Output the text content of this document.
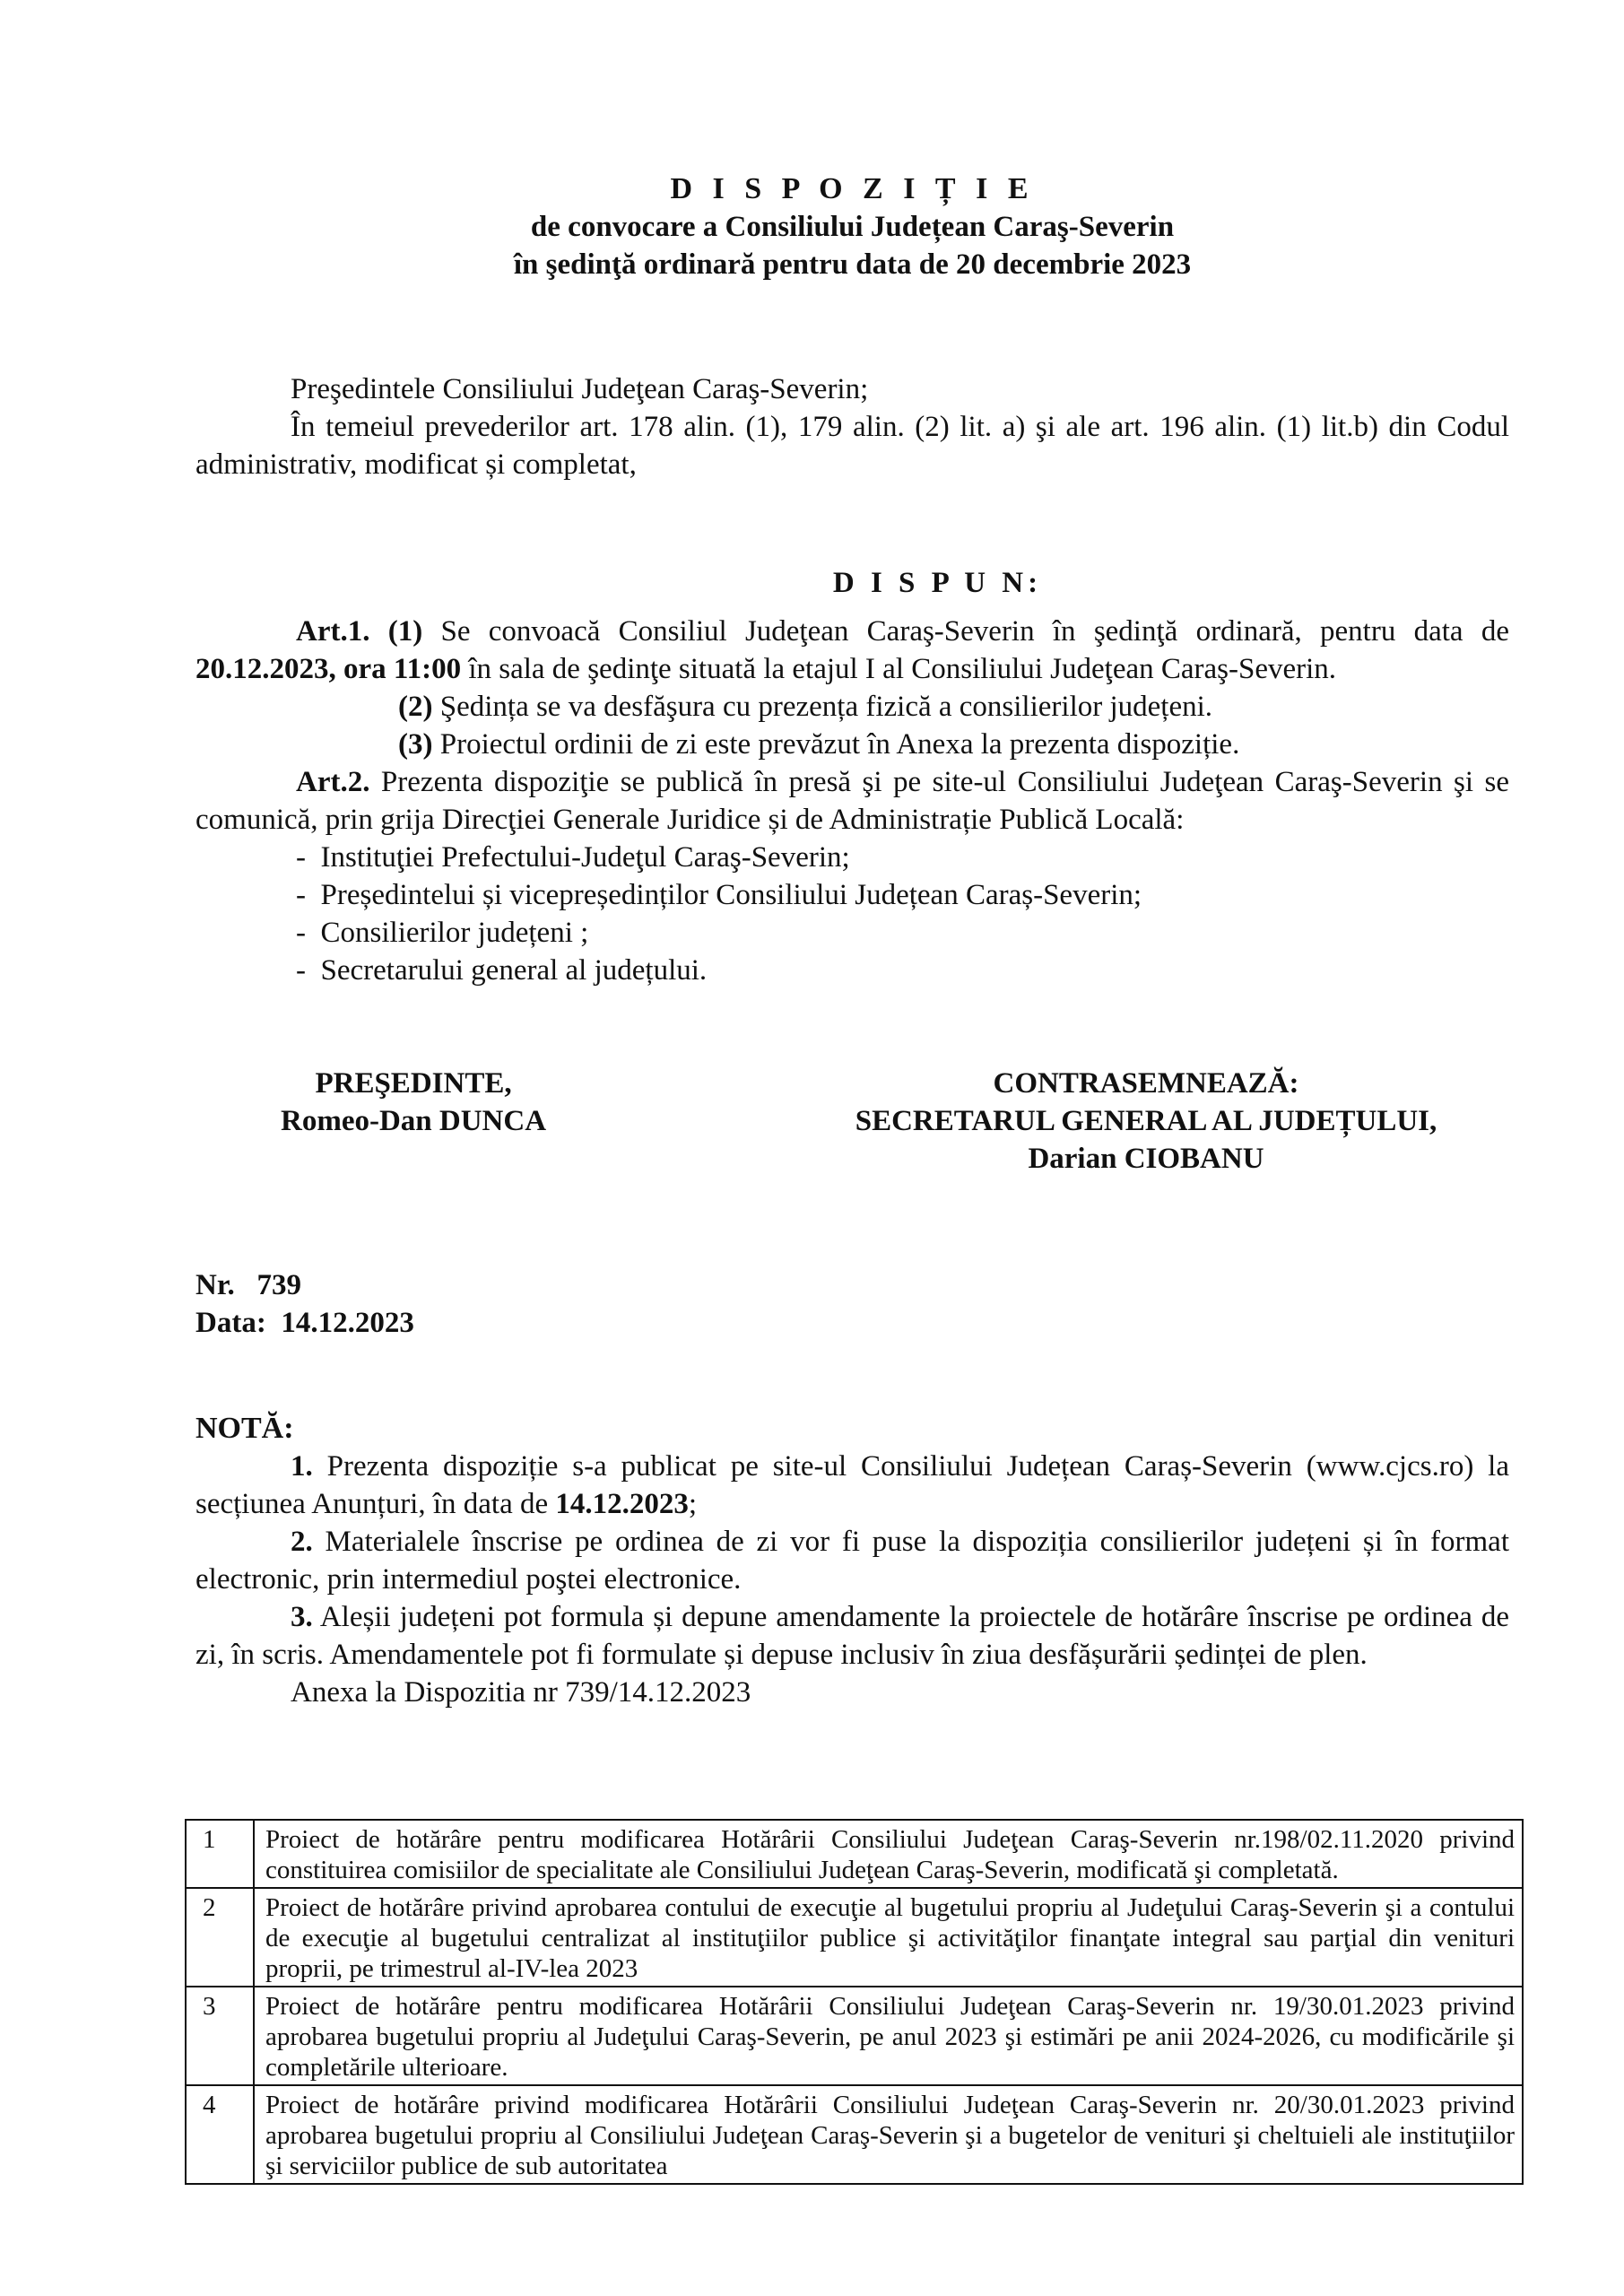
D I S P O Z I Ț I E
de convocare a Consiliului Județean Caraş-Severin
în şedinţă ordinară pentru data de 20 decembrie 2023

Preşedintele Consiliului Judeţean Caraş-Severin;

În temeiul prevederilor art. 178 alin. (1), 179 alin. (2) lit. a) şi ale art. 196 alin. (1) lit.b) din Codul administrativ, modificat și completat,

D I S P U N:

Art.1. (1) Se convoacă Consiliul Judeţean Caraş-Severin în şedinţă ordinară, pentru data de 20.12.2023, ora 11:00 în sala de şedinţe situată la etajul I al Consiliului Judeţean Caraş-Severin.

(2) Şedința se va desfăşura cu prezența fizică a consilierilor județeni.

(3) Proiectul ordinii de zi este prevăzut în Anexa la prezenta dispoziție.

Art.2. Prezenta dispoziţie se publică în presă şi pe site-ul Consiliului Judeţean Caraş-Severin şi se comunică, prin grija Direcţiei Generale Juridice și de Administrație Publică Locală:

- Instituţiei Prefectului-Judeţul Caraş-Severin;
- Președintelui și vicepreședinților Consiliului Județean Caraș-Severin;
- Consilierilor județeni ;
- Secretarului general al județului.
PREŞEDINTE,
Romeo-Dan DUNCA
CONTRASEMNEAZĂ:
SECRETARUL GENERAL AL JUDEȚULUI,
Darian CIOBANU
Nr. 739
Data: 14.12.2023
NOTĂ:

1. Prezenta dispoziție s-a publicat pe site-ul Consiliului Județean Caraș-Severin (www.cjcs.ro) la secțiunea Anunțuri, în data de 14.12.2023;

2. Materialele înscrise pe ordinea de zi vor fi puse la dispoziția consilierilor județeni și în format electronic, prin intermediul poştei electronice.

3. Aleșii județeni pot formula și depune amendamente la proiectele de hotărâre înscrise pe ordinea de zi, în scris. Amendamentele pot fi formulate și depuse inclusiv în ziua desfășurării ședinței de plen.

Anexa la Dispozitia nr 739/14.12.2023

1	Proiect de hotărâre pentru modificarea Hotărârii Consiliului Judeţean Caraş-Severin nr.198/02.11.2020 privind constituirea comisiilor de specialitate ale Consiliului Judeţean Caraş-Severin, modificată şi completată.
2	Proiect de hotărâre privind aprobarea contului de execuţie al bugetului propriu al Judeţului Caraş-Severin şi a contului de execuţie al bugetului centralizat al instituţiilor publice şi activităţilor finanţate integral sau parţial din venituri proprii, pe trimestrul al-IV-lea 2023
3	Proiect de hotărâre pentru modificarea Hotărârii Consiliului Judeţean Caraş-Severin nr. 19/30.01.2023 privind aprobarea bugetului propriu al Judeţului Caraş-Severin, pe anul 2023 şi estimări pe anii 2024-2026, cu modificările şi completările ulterioare.
4	Proiect de hotărâre privind modificarea Hotărârii Consiliului Judeţean Caraş-Severin nr. 20/30.01.2023 privind aprobarea bugetului propriu al Consiliului Judeţean Caraş-Severin şi a bugetelor de venituri şi cheltuieli ale instituţiilor şi serviciilor publice de sub autoritatea
